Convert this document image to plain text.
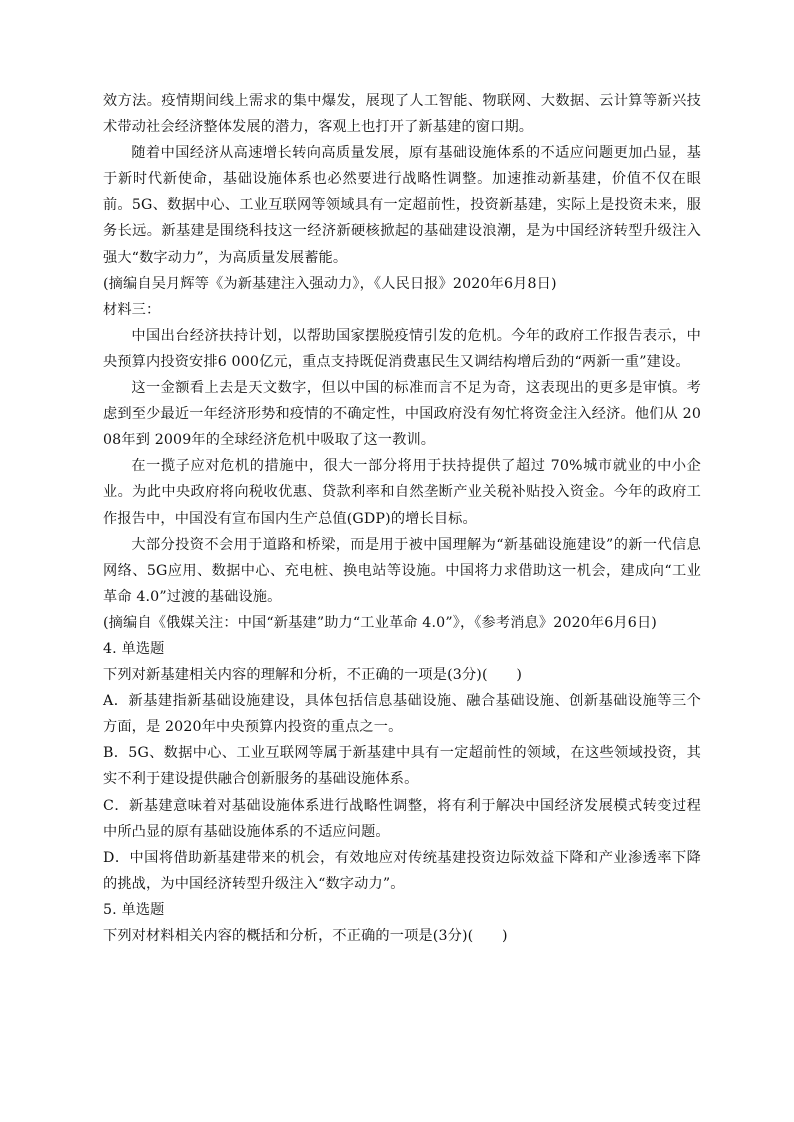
效方法。疫情期间线上需求的集中爆发，展现了人工智能、物联网、大数据、云计算等新兴技术带动社会经济整体发展的潜力，客观上也打开了新基建的窗口期。

随着中国经济从高速增长转向高质量发展，原有基础设施体系的不适应问题更加凸显，基于新时代新使命，基础设施体系也必然要进行战略性调整。加速推动新基建，价值不仅在眼前。5G、数据中心、工业互联网等领域具有一定超前性，投资新基建，实际上是投资未来，服务长远。新基建是围绕科技这一经济新硬核掀起的基础建设浪潮，是为中国经济转型升级注入强大“数字动力”，为高质量发展蓄能。

(摘编自吴月辉等《为新基建注入强动力》，《人民日报》2020年6月8日)

材料三：

中国出台经济扶持计划，以帮助国家摆脱疫情引发的危机。今年的政府工作报告表示，中央预算内投资安排6 000亿元，重点支持既促消费惠民生又调结构增后劲的“两新一重”建设。

这一金额看上去是天文数字，但以中国的标准而言不足为奇，这表现出的更多是审慎。考虑到至少最近一年经济形势和疫情的不确定性，中国政府没有匆忙将资金注入经济。他们从 2008年到 2009年的全球经济危机中吸取了这一教训。

在一揽子应对危机的措施中，很大一部分将用于扶持提供了超过 70%城市就业的中小企业。为此中央政府将向税收优惠、贷款利率和自然垄断产业关税补贴投入资金。今年的政府工作报告中，中国没有宣布国内生产总值(GDP)的增长目标。

大部分投资不会用于道路和桥梁，而是用于被中国理解为“新基础设施建设”的新一代信息网络、5G应用、数据中心、充电桩、换电站等设施。中国将力求借助这一机会，建成向“工业革命 4.0”过渡的基础设施。

(摘编自《俄媒关注：中国“新基建”助力“工业革命 4.0”》，《参考消息》2020年6月6日)

4. 单选题

下列对新基建相关内容的理解和分析，不正确的一项是(3分)(　　)

A．新基建指新基础设施建设，具体包括信息基础设施、融合基础设施、创新基础设施等三个方面，是 2020年中央预算内投资的重点之一。

B．5G、数据中心、工业互联网等属于新基建中具有一定超前性的领域，在这些领域投资，其实不利于建设提供融合创新服务的基础设施体系。

C．新基建意味着对基础设施体系进行战略性调整，将有利于解决中国经济发展模式转变过程中所凸显的原有基础设施体系的不适应问题。

D．中国将借助新基建带来的机会，有效地应对传统基建投资边际效益下降和产业渗透率下降的挑战，为中国经济转型升级注入“数字动力”。

5. 单选题

下列对材料相关内容的概括和分析，不正确的一项是(3分)(　　)
